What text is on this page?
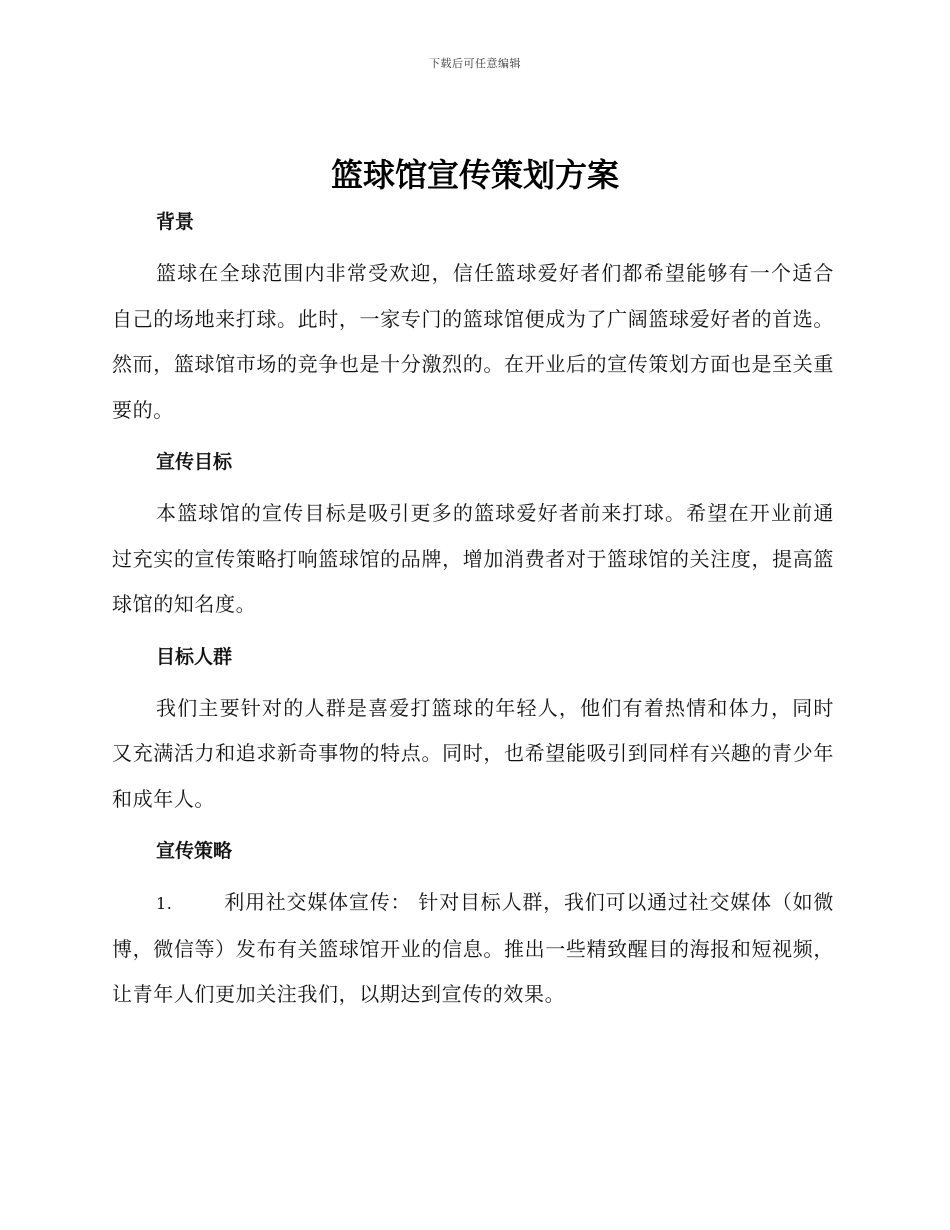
下载后可任意编辑
篮球馆宣传策划方案
背景

篮球在全球范围内非常受欢迎，信任篮球爱好者们都希望能够有一个适合自己的场地来打球。此时，一家专门的篮球馆便成为了广阔篮球爱好者的首选。然而，篮球馆市场的竞争也是十分激烈的。在开业后的宣传策划方面也是至关重要的。

宣传目标

本篮球馆的宣传目标是吸引更多的篮球爱好者前来打球。希望在开业前通过充实的宣传策略打响篮球馆的品牌，增加消费者对于篮球馆的关注度，提高篮球馆的知名度。

目标人群

我们主要针对的人群是喜爱打篮球的年轻人，他们有着热情和体力，同时又充满活力和追求新奇事物的特点。同时，也希望能吸引到同样有兴趣的青少年和成年人。

宣传策略

1.	利用社交媒体宣传： 针对目标人群，我们可以通过社交媒体（如微博，微信等）发布有关篮球馆开业的信息。推出一些精致醒目的海报和短视频，让青年人们更加关注我们，以期达到宣传的效果。
